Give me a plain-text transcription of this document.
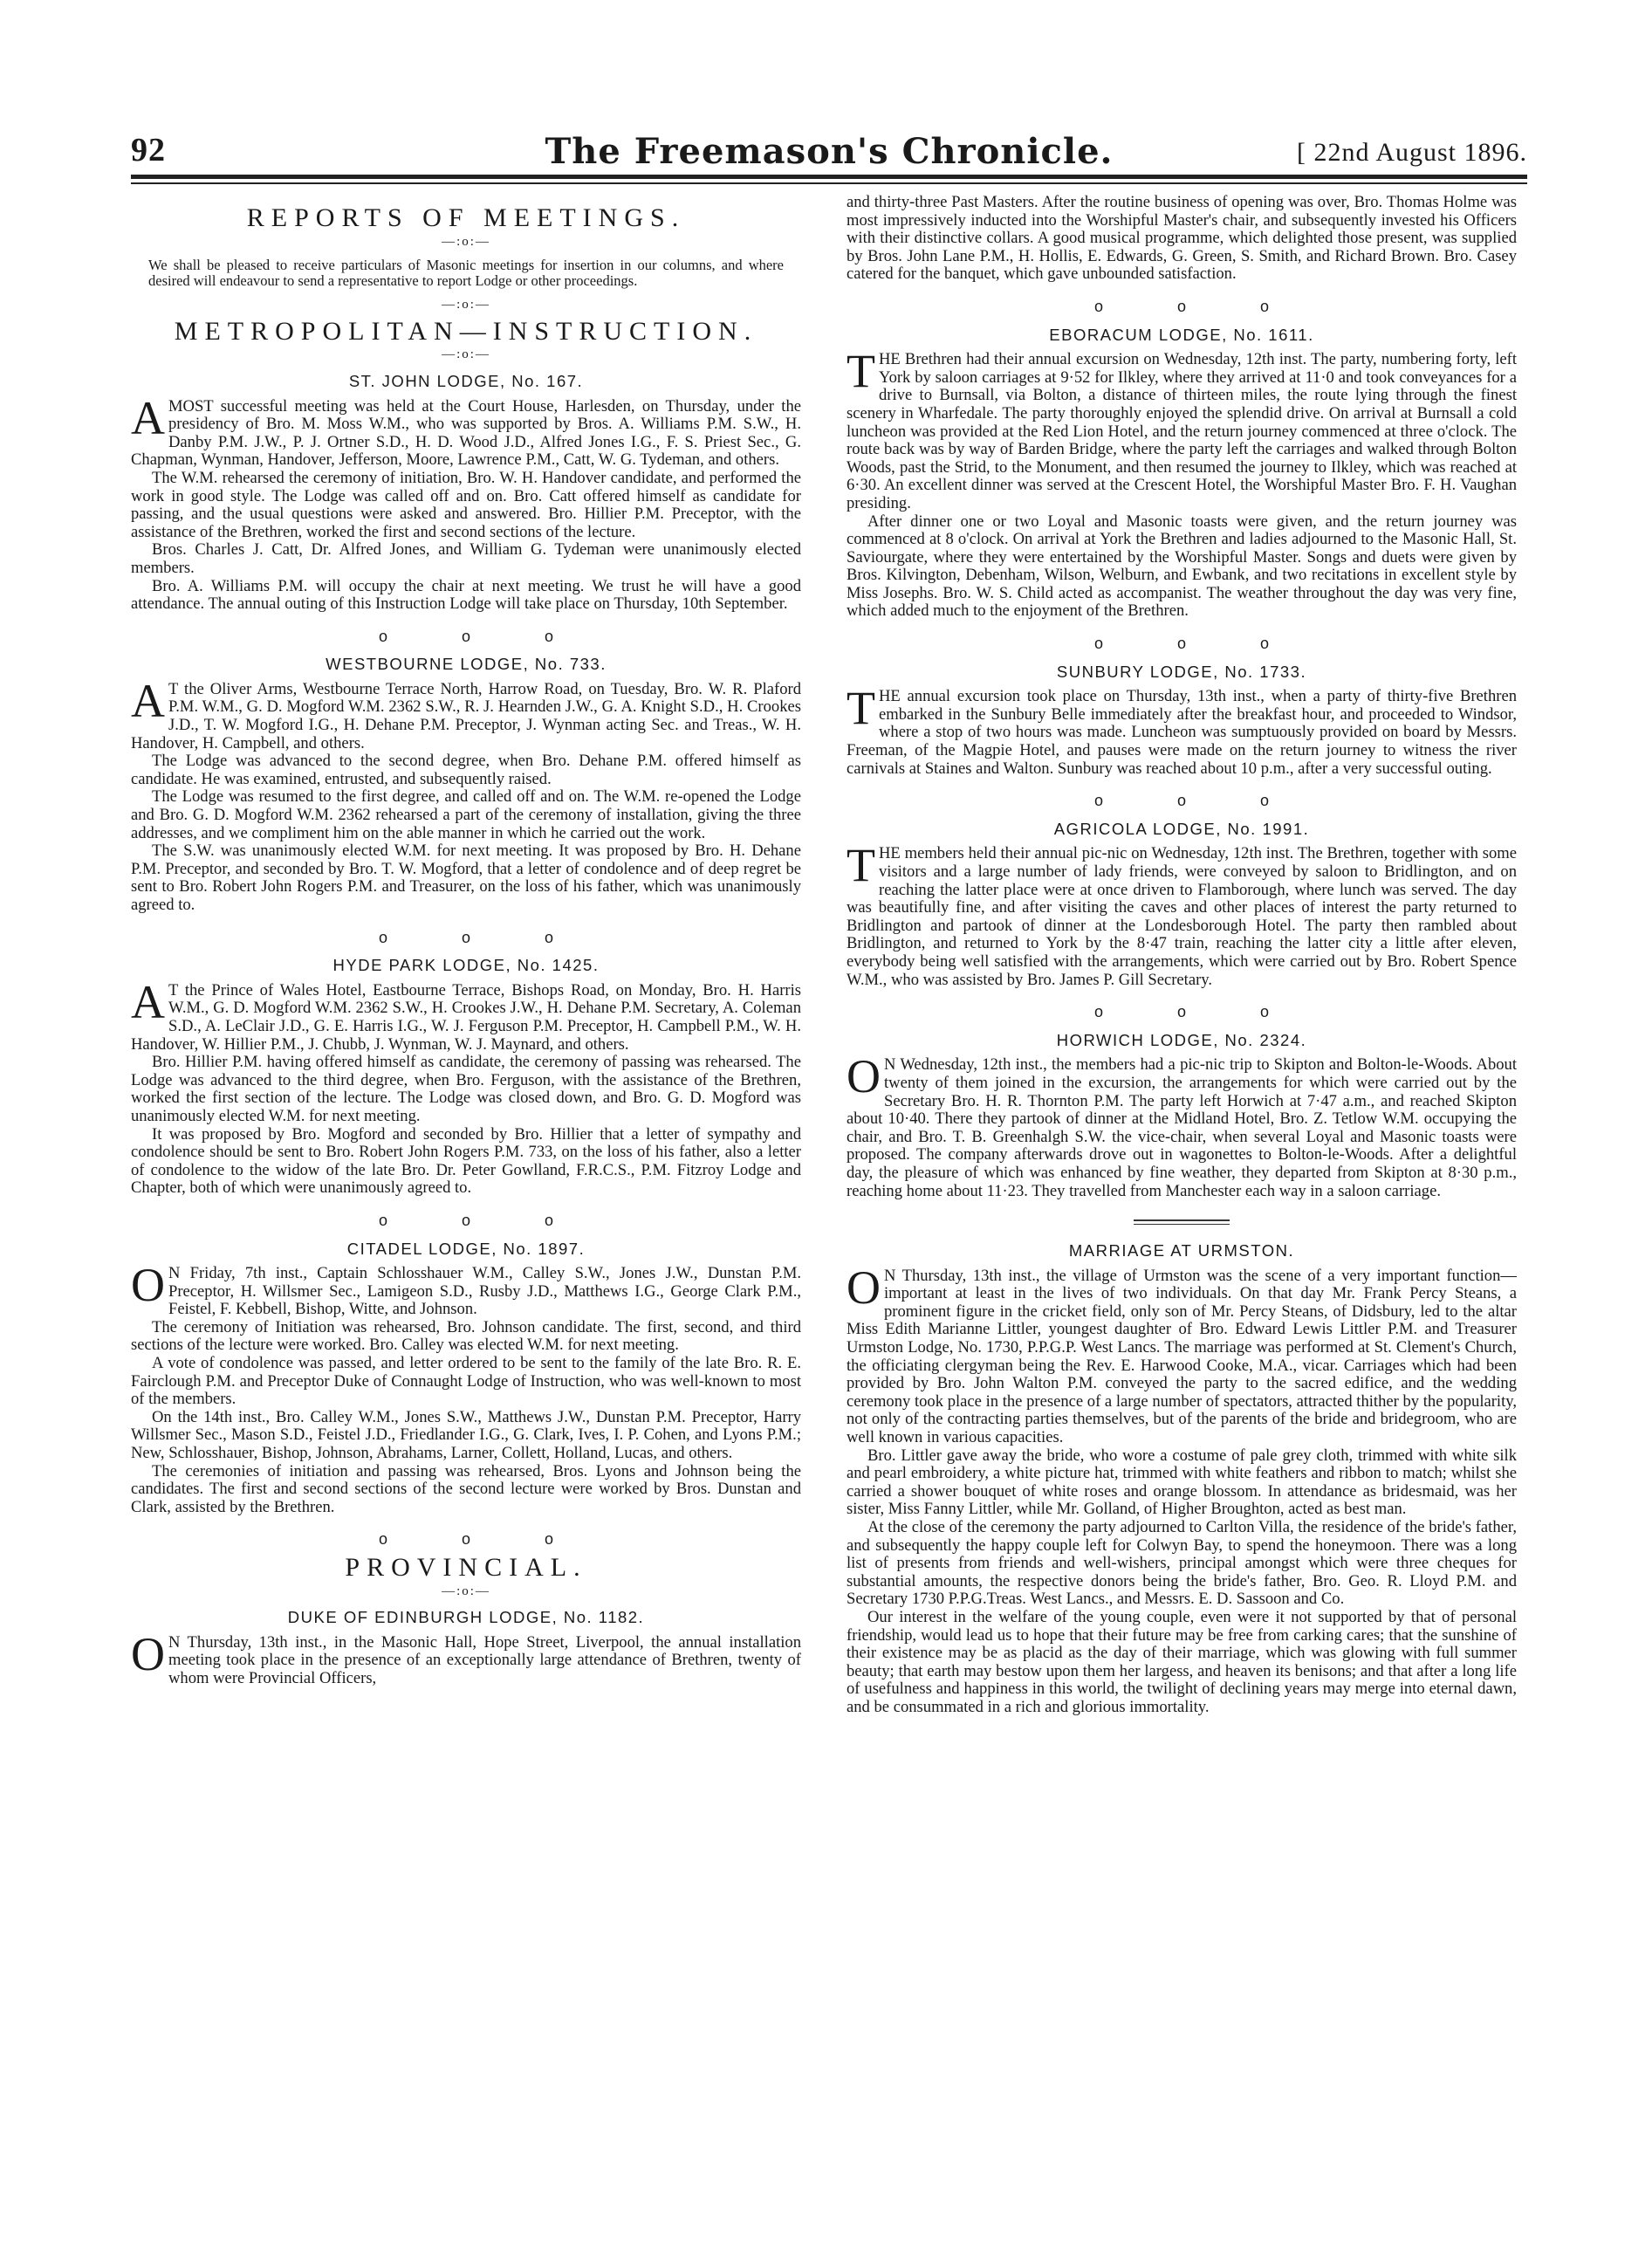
92	The Freemason's Chronicle.	[ 22nd August 1896.
REPORTS OF MEETINGS.
—:o:—
We shall be pleased to receive particulars of Masonic meetings for insertion in our columns, and where desired will endeavour to send a representative to report Lodge or other proceedings.
—:o:—
METROPOLITAN—INSTRUCTION.
—:o:—
ST. JOHN LODGE, No. 167.

AMOST successful meeting was held at the Court House, Harlesden, on Thursday, under the presidency of Bro. M. Moss W.M., who was supported by Bros. A. Williams P.M. S.W., H. Danby P.M. J.W., P. J. Ortner S.D., H. D. Wood J.D., Alfred Jones I.G., F. S. Priest Sec., G. Chapman, Wynman, Handover, Jefferson, Moore, Lawrence P.M., Catt, W. G. Tydeman, and others.

The W.M. rehearsed the ceremony of initiation, Bro. W. H. Handover candidate, and performed the work in good style. The Lodge was called off and on. Bro. Catt offered himself as candidate for passing, and the usual questions were asked and answered. Bro. Hillier P.M. Preceptor, with the assistance of the Brethren, worked the first and second sections of the lecture.

Bros. Charles J. Catt, Dr. Alfred Jones, and William G. Tydeman were unanimously elected members.

Bro. A. Williams P.M. will occupy the chair at next meeting. We trust he will have a good attendance. The annual outing of this Instruction Lodge will take place on Thursday, 10th September.

o o o
WESTBOURNE LODGE, No. 733.

A T the Oliver Arms, Westbourne Terrace North, Harrow Road, on Tuesday, Bro. W. R. Plaford P.M. W.M., G. D. Mogford W.M. 2362 S.W., R. J. Hearnden J.W., G. A. Knight S.D., H. Crookes J.D., T. W. Mogford I.G., H. Dehane P.M. Preceptor, J. Wynman acting Sec. and Treas., W. H. Handover, H. Campbell, and others.

The Lodge was advanced to the second degree, when Bro. Dehane P.M. offered himself as candidate. He was examined, entrusted, and subsequently raised.

The Lodge was resumed to the first degree, and called off and on. The W.M. re-opened the Lodge and Bro. G. D. Mogford W.M. 2362 rehearsed a part of the ceremony of installation, giving the three addresses, and we compliment him on the able manner in which he carried out the work.

The S.W. was unanimously elected W.M. for next meeting. It was proposed by Bro. H. Dehane P.M. Preceptor, and seconded by Bro. T. W. Mogford, that a letter of condolence and of deep regret be sent to Bro. Robert John Rogers P.M. and Treasurer, on the loss of his father, which was unanimously agreed to.

o o o
HYDE PARK LODGE, No. 1425.

A T the Prince of Wales Hotel, Eastbourne Terrace, Bishops Road, on Monday, Bro. H. Harris W.M., G. D. Mogford W.M. 2362 S.W., H. Crookes J.W., H. Dehane P.M. Secretary, A. Coleman S.D., A. LeClair J.D., G. E. Harris I.G., W. J. Ferguson P.M. Preceptor, H. Campbell P.M., W. H. Handover, W. Hillier P.M., J. Chubb, J. Wynman, W. J. Maynard, and others.

Bro. Hillier P.M. having offered himself as candidate, the ceremony of passing was rehearsed. The Lodge was advanced to the third degree, when Bro. Ferguson, with the assistance of the Brethren, worked the first section of the lecture. The Lodge was closed down, and Bro. G. D. Mogford was unanimously elected W.M. for next meeting.

It was proposed by Bro. Mogford and seconded by Bro. Hillier that a letter of sympathy and condolence should be sent to Bro. Robert John Rogers P.M. 733, on the loss of his father, also a letter of condolence to the widow of the late Bro. Dr. Peter Gowlland, F.R.C.S., P.M. Fitzroy Lodge and Chapter, both of which were unanimously agreed to.

o o o
CITADEL LODGE, No. 1897.

O N Friday, 7th inst., Captain Schlosshauer W.M., Calley S.W., Jones J.W., Dunstan P.M. Preceptor, H. Willsmer Sec., Lamigeon S.D., Rusby J.D., Matthews I.G., George Clark P.M., Feistel, F. Kebbell, Bishop, Witte, and Johnson.

The ceremony of Initiation was rehearsed, Bro. Johnson candidate. The first, second, and third sections of the lecture were worked. Bro. Calley was elected W.M. for next meeting.

A vote of condolence was passed, and letter ordered to be sent to the family of the late Bro. R. E. Fairclough P.M. and Preceptor Duke of Connaught Lodge of Instruction, who was well-known to most of the members.

On the 14th inst., Bro. Calley W.M., Jones S.W., Matthews J.W., Dunstan P.M. Preceptor, Harry Willsmer Sec., Mason S.D., Feistel J.D., Friedlander I.G., G. Clark, Ives, I. P. Cohen, and Lyons P.M.; New, Schlosshauer, Bishop, Johnson, Abrahams, Larner, Collett, Holland, Lucas, and others.

The ceremonies of initiation and passing was rehearsed, Bros. Lyons and Johnson being the candidates. The first and second sections of the second lecture were worked by Bros. Dunstan and Clark, assisted by the Brethren.

o o o
PROVINCIAL.
—:o:—
DUKE OF EDINBURGH LODGE, No. 1182.

O N Thursday, 13th inst., in the Masonic Hall, Hope Street, Liverpool, the annual installation meeting took place in the presence of an exceptionally large attendance of Brethren, twenty of whom were Provincial Officers,

and thirty-three Past Masters. After the routine business of opening was over, Bro. Thomas Holme was most impressively inducted into the Worshipful Master's chair, and subsequently invested his Officers with their distinctive collars. A good musical programme, which delighted those present, was supplied by Bros. John Lane P.M., H. Hollis, E. Edwards, G. Green, S. Smith, and Richard Brown. Bro. Casey catered for the banquet, which gave unbounded satisfaction.

o o o
EBORACUM LODGE, No. 1611.

THE Brethren had their annual excursion on Wednesday, 12th inst. The party, numbering forty, left York by saloon carriages at 9·52 for Ilkley, where they arrived at 11·0 and took conveyances for a drive to Burnsall, via Bolton, a distance of thirteen miles, the route lying through the finest scenery in Wharfedale. The party thoroughly enjoyed the splendid drive. On arrival at Burnsall a cold luncheon was provided at the Red Lion Hotel, and the return journey commenced at three o'clock. The route back was by way of Barden Bridge, where the party left the carriages and walked through Bolton Woods, past the Strid, to the Monument, and then resumed the journey to Ilkley, which was reached at 6·30. An excellent dinner was served at the Crescent Hotel, the Worshipful Master Bro. F. H. Vaughan presiding.

After dinner one or two Loyal and Masonic toasts were given, and the return journey was commenced at 8 o'clock. On arrival at York the Brethren and ladies adjourned to the Masonic Hall, St. Saviourgate, where they were entertained by the Worshipful Master. Songs and duets were given by Bros. Kilvington, Debenham, Wilson, Welburn, and Ewbank, and two recitations in excellent style by Miss Josephs. Bro. W. S. Child acted as accompanist. The weather throughout the day was very fine, which added much to the enjoyment of the Brethren.

o o o
SUNBURY LODGE, No. 1733.

THE annual excursion took place on Thursday, 13th inst., when a party of thirty-five Brethren embarked in the Sunbury Belle immediately after the breakfast hour, and proceeded to Windsor, where a stop of two hours was made. Luncheon was sumptuously provided on board by Messrs. Freeman, of the Magpie Hotel, and pauses were made on the return journey to witness the river carnivals at Staines and Walton. Sunbury was reached about 10 p.m., after a very successful outing.

o o o
AGRICOLA LODGE, No. 1991.

THE members held their annual pic-nic on Wednesday, 12th inst. The Brethren, together with some visitors and a large number of lady friends, were conveyed by saloon to Bridlington, and on reaching the latter place were at once driven to Flamborough, where lunch was served. The day was beautifully fine, and after visiting the caves and other places of interest the party returned to Bridlington and partook of dinner at the Londesborough Hotel. The party then rambled about Bridlington, and returned to York by the 8·47 train, reaching the latter city a little after eleven, everybody being well satisfied with the arrangements, which were carried out by Bro. Robert Spence W.M., who was assisted by Bro. James P. Gill Secretary.

o o o
HORWICH LODGE, No. 2324.

O N Wednesday, 12th inst., the members had a pic-nic trip to Skipton and Bolton-le-Woods. About twenty of them joined in the excursion, the arrangements for which were carried out by the Secretary Bro. H. R. Thornton P.M. The party left Horwich at 7·47 a.m., and reached Skipton about 10·40. There they partook of dinner at the Midland Hotel, Bro. Z. Tetlow W.M. occupying the chair, and Bro. T. B. Greenhalgh S.W. the vice-chair, when several Loyal and Masonic toasts were proposed. The company afterwards drove out in wagonettes to Bolton-le-Woods. After a delightful day, the pleasure of which was enhanced by fine weather, they departed from Skipton at 8·30 p.m., reaching home about 11·23. They travelled from Manchester each way in a saloon carriage.

MARRIAGE AT URMSTON.

O N Thursday, 13th inst., the village of Urmston was the scene of a very important function—important at least in the lives of two individuals. On that day Mr. Frank Percy Steans, a prominent figure in the cricket field, only son of Mr. Percy Steans, of Didsbury, led to the altar Miss Edith Marianne Littler, youngest daughter of Bro. Edward Lewis Littler P.M. and Treasurer Urmston Lodge, No. 1730, P.P.G.P. West Lancs. The marriage was performed at St. Clement's Church, the officiating clergyman being the Rev. E. Harwood Cooke, M.A., vicar. Carriages which had been provided by Bro. John Walton P.M. conveyed the party to the sacred edifice, and the wedding ceremony took place in the presence of a large number of spectators, attracted thither by the popularity, not only of the contracting parties themselves, but of the parents of the bride and bridegroom, who are well known in various capacities.

Bro. Littler gave away the bride, who wore a costume of pale grey cloth, trimmed with white silk and pearl embroidery, a white picture hat, trimmed with white feathers and ribbon to match; whilst she carried a shower bouquet of white roses and orange blossom. In attendance as bridesmaid, was her sister, Miss Fanny Littler, while Mr. Golland, of Higher Broughton, acted as best man.

At the close of the ceremony the party adjourned to Carlton Villa, the residence of the bride's father, and subsequently the happy couple left for Colwyn Bay, to spend the honeymoon. There was a long list of presents from friends and well-wishers, principal amongst which were three cheques for substantial amounts, the respective donors being the bride's father, Bro. Geo. R. Lloyd P.M. and Secretary 1730 P.P.G.Treas. West Lancs., and Messrs. E. D. Sassoon and Co.

Our interest in the welfare of the young couple, even were it not supported by that of personal friendship, would lead us to hope that their future may be free from carking cares; that the sunshine of their existence may be as placid as the day of their marriage, which was glowing with full summer beauty; that earth may bestow upon them her largess, and heaven its benisons; and that after a long life of usefulness and happiness in this world, the twilight of declining years may merge into eternal dawn, and be consummated in a rich and glorious immortality.
